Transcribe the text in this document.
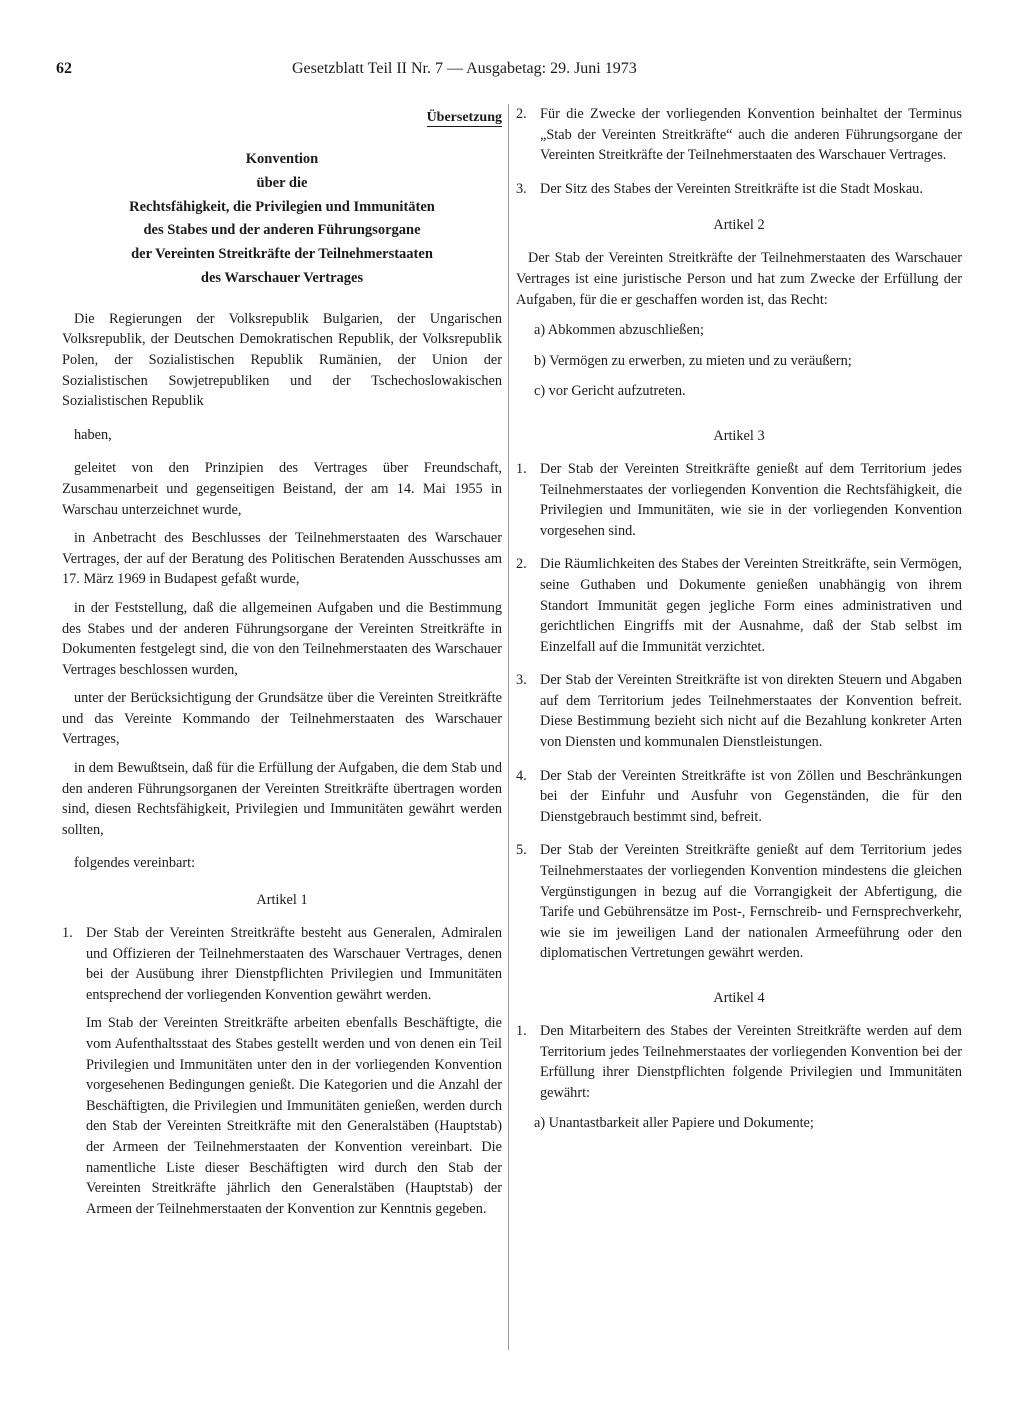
62	Gesetzblatt Teil II Nr. 7 — Ausgabetag: 29. Juni 1973
Übersetzung
Konvention
über die
Rechtsfähigkeit, die Privilegien und Immunitäten
des Stabes und der anderen Führungsorgane
der Vereinten Streitkräfte der Teilnehmerstaaten
des Warschauer Vertrages

Die Regierungen der Volksrepublik Bulgarien, der Ungarischen Volksrepublik, der Deutschen Demokratischen Republik, der Volksrepublik Polen, der Sozialistischen Republik Rumänien, der Union der Sozialistischen Sowjetrepubliken und der Tschechoslowakischen Sozialistischen Republik

haben,

geleitet von den Prinzipien des Vertrages über Freundschaft, Zusammenarbeit und gegenseitigen Beistand, der am 14. Mai 1955 in Warschau unterzeichnet wurde,

in Anbetracht des Beschlusses der Teilnehmerstaaten des Warschauer Vertrages, der auf der Beratung des Politischen Beratenden Ausschusses am 17. März 1969 in Budapest gefaßt wurde,

in der Feststellung, daß die allgemeinen Aufgaben und die Bestimmung des Stabes und der anderen Führungsorgane der Vereinten Streitkräfte in Dokumenten festgelegt sind, die von den Teilnehmerstaaten des Warschauer Vertrages beschlossen wurden,

unter der Berücksichtigung der Grundsätze über die Vereinten Streitkräfte und das Vereinte Kommando der Teilnehmerstaaten des Warschauer Vertrages,

in dem Bewußtsein, daß für die Erfüllung der Aufgaben, die dem Stab und den anderen Führungsorganen der Vereinten Streitkräfte übertragen worden sind, diesen Rechtsfähigkeit, Privilegien und Immunitäten gewährt werden sollten,

folgendes vereinbart:

Artikel 1
1. Der Stab der Vereinten Streitkräfte besteht aus Generalen, Admiralen und Offizieren der Teilnehmerstaaten des Warschauer Vertrages, denen bei der Ausübung ihrer Dienstpflichten Privilegien und Immunitäten entsprechend der vorliegenden Konvention gewährt werden.

Im Stab der Vereinten Streitkräfte arbeiten ebenfalls Beschäftigte, die vom Aufenthaltsstaat des Stabes gestellt werden und von denen ein Teil Privilegien und Immunitäten unter den in der vorliegenden Konvention vorgesehenen Bedingungen genießt. Die Kategorien und die Anzahl der Beschäftigten, die Privilegien und Immunitäten genießen, werden durch den Stab der Vereinten Streitkräfte mit den Generalstäben (Hauptstab) der Armeen der Teilnehmerstaaten der Konvention vereinbart. Die namentliche Liste dieser Beschäftigten wird durch den Stab der Vereinten Streitkräfte jährlich den Generalstäben (Hauptstab) der Armeen der Teilnehmerstaaten der Konvention zur Kenntnis gegeben.

2. Für die Zwecke der vorliegenden Konvention beinhaltet der Terminus „Stab der Vereinten Streitkräfte“ auch die anderen Führungsorgane der Vereinten Streitkräfte der Teilnehmerstaaten des Warschauer Vertrages.

3. Der Sitz des Stabes der Vereinten Streitkräfte ist die Stadt Moskau.

Artikel 2

Der Stab der Vereinten Streitkräfte der Teilnehmerstaaten des Warschauer Vertrages ist eine juristische Person und hat zum Zwecke der Erfüllung der Aufgaben, für die er geschaffen worden ist, das Recht:

a) Abkommen abzuschließen;
b) Vermögen zu erwerben, zu mieten und zu veräußern;
c) vor Gericht aufzutreten.
Artikel 3
1. Der Stab der Vereinten Streitkräfte genießt auf dem Territorium jedes Teilnehmerstaates der vorliegenden Konvention die Rechtsfähigkeit, die Privilegien und Immunitäten, wie sie in der vorliegenden Konvention vorgesehen sind.

2. Die Räumlichkeiten des Stabes der Vereinten Streitkräfte, sein Vermögen, seine Guthaben und Dokumente genießen unabhängig von ihrem Standort Immunität gegen jegliche Form eines administrativen und gerichtlichen Eingriffs mit der Ausnahme, daß der Stab selbst im Einzelfall auf die Immunität verzichtet.

3. Der Stab der Vereinten Streitkräfte ist von direkten Steuern und Abgaben auf dem Territorium jedes Teilnehmerstaates der Konvention befreit. Diese Bestimmung bezieht sich nicht auf die Bezahlung konkreter Arten von Diensten und kommunalen Dienstleistungen.

4. Der Stab der Vereinten Streitkräfte ist von Zöllen und Beschränkungen bei der Einfuhr und Ausfuhr von Gegenständen, die für den Dienstgebrauch bestimmt sind, befreit.

5. Der Stab der Vereinten Streitkräfte genießt auf dem Territorium jedes Teilnehmerstaates der vorliegenden Konvention mindestens die gleichen Vergünstigungen in bezug auf die Vorrangigkeit der Abfertigung, die Tarife und Gebührensätze im Post-, Fernschreib- und Fernsprechverkehr, wie sie im jeweiligen Land der nationalen Armeeführung oder den diplomatischen Vertretungen gewährt werden.

Artikel 4
1. Den Mitarbeitern des Stabes der Vereinten Streitkräfte werden auf dem Territorium jedes Teilnehmerstaates der vorliegenden Konvention bei der Erfüllung ihrer Dienstpflichten folgende Privilegien und Immunitäten gewährt:

a) Unantastbarkeit aller Papiere und Dokumente;
